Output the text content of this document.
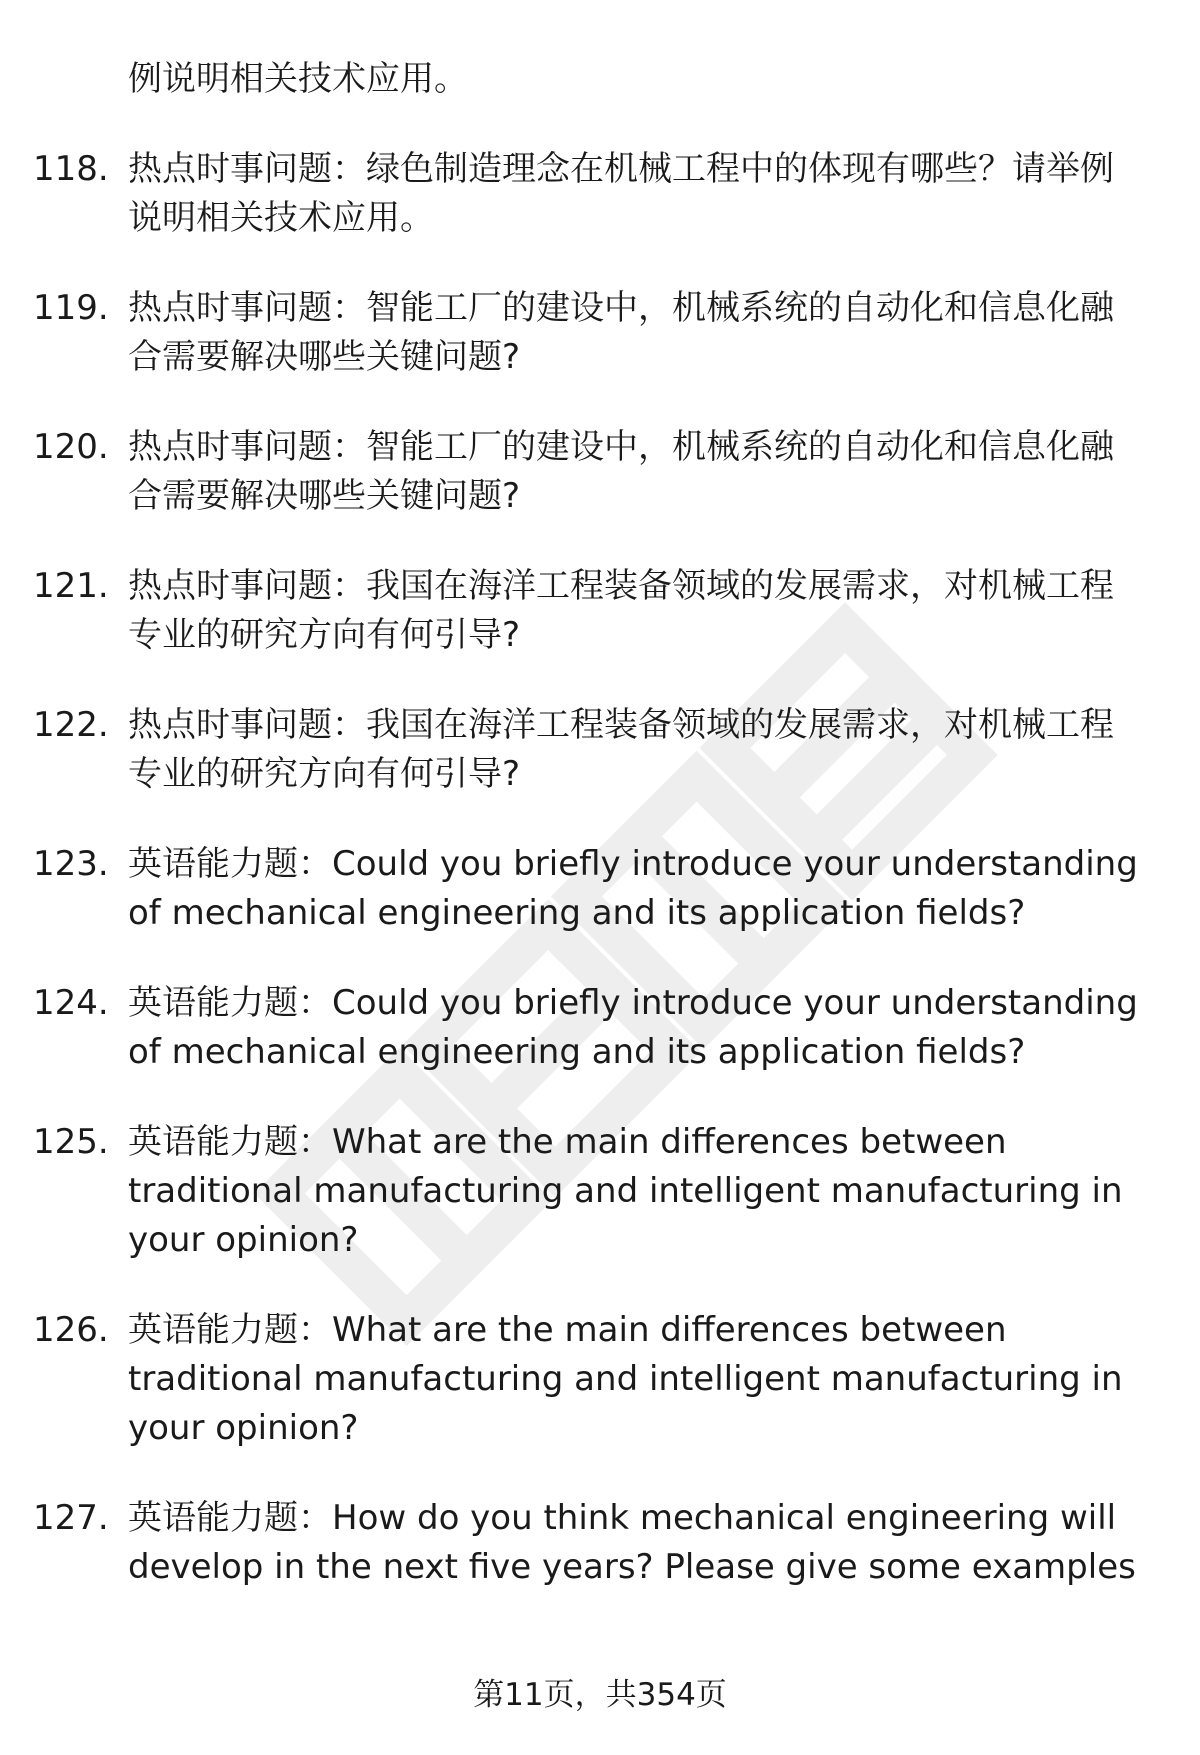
例说明相关技术应用。
118. 热点时事问题：绿色制造理念在机械工程中的体现有哪些？请举例说明相关技术应用。
119. 热点时事问题：智能工厂的建设中，机械系统的自动化和信息化融合需要解决哪些关键问题?
120. 热点时事问题：智能工厂的建设中，机械系统的自动化和信息化融合需要解决哪些关键问题?
121. 热点时事问题：我国在海洋工程装备领域的发展需求，对机械工程专业的研究方向有何引导?
122. 热点时事问题：我国在海洋工程装备领域的发展需求，对机械工程专业的研究方向有何引导?
123. 英语能力题：Could you briefly introduce your understanding of mechanical engineering and its application fields?
124. 英语能力题：Could you briefly introduce your understanding of mechanical engineering and its application fields?
125. 英语能力题：What are the main differences between traditional manufacturing and intelligent manufacturing in your opinion?
126. 英语能力题：What are the main differences between traditional manufacturing and intelligent manufacturing in your opinion?
127. 英语能力题：How do you think mechanical engineering will develop in the next five years? Please give some examples
第11页，共354页
